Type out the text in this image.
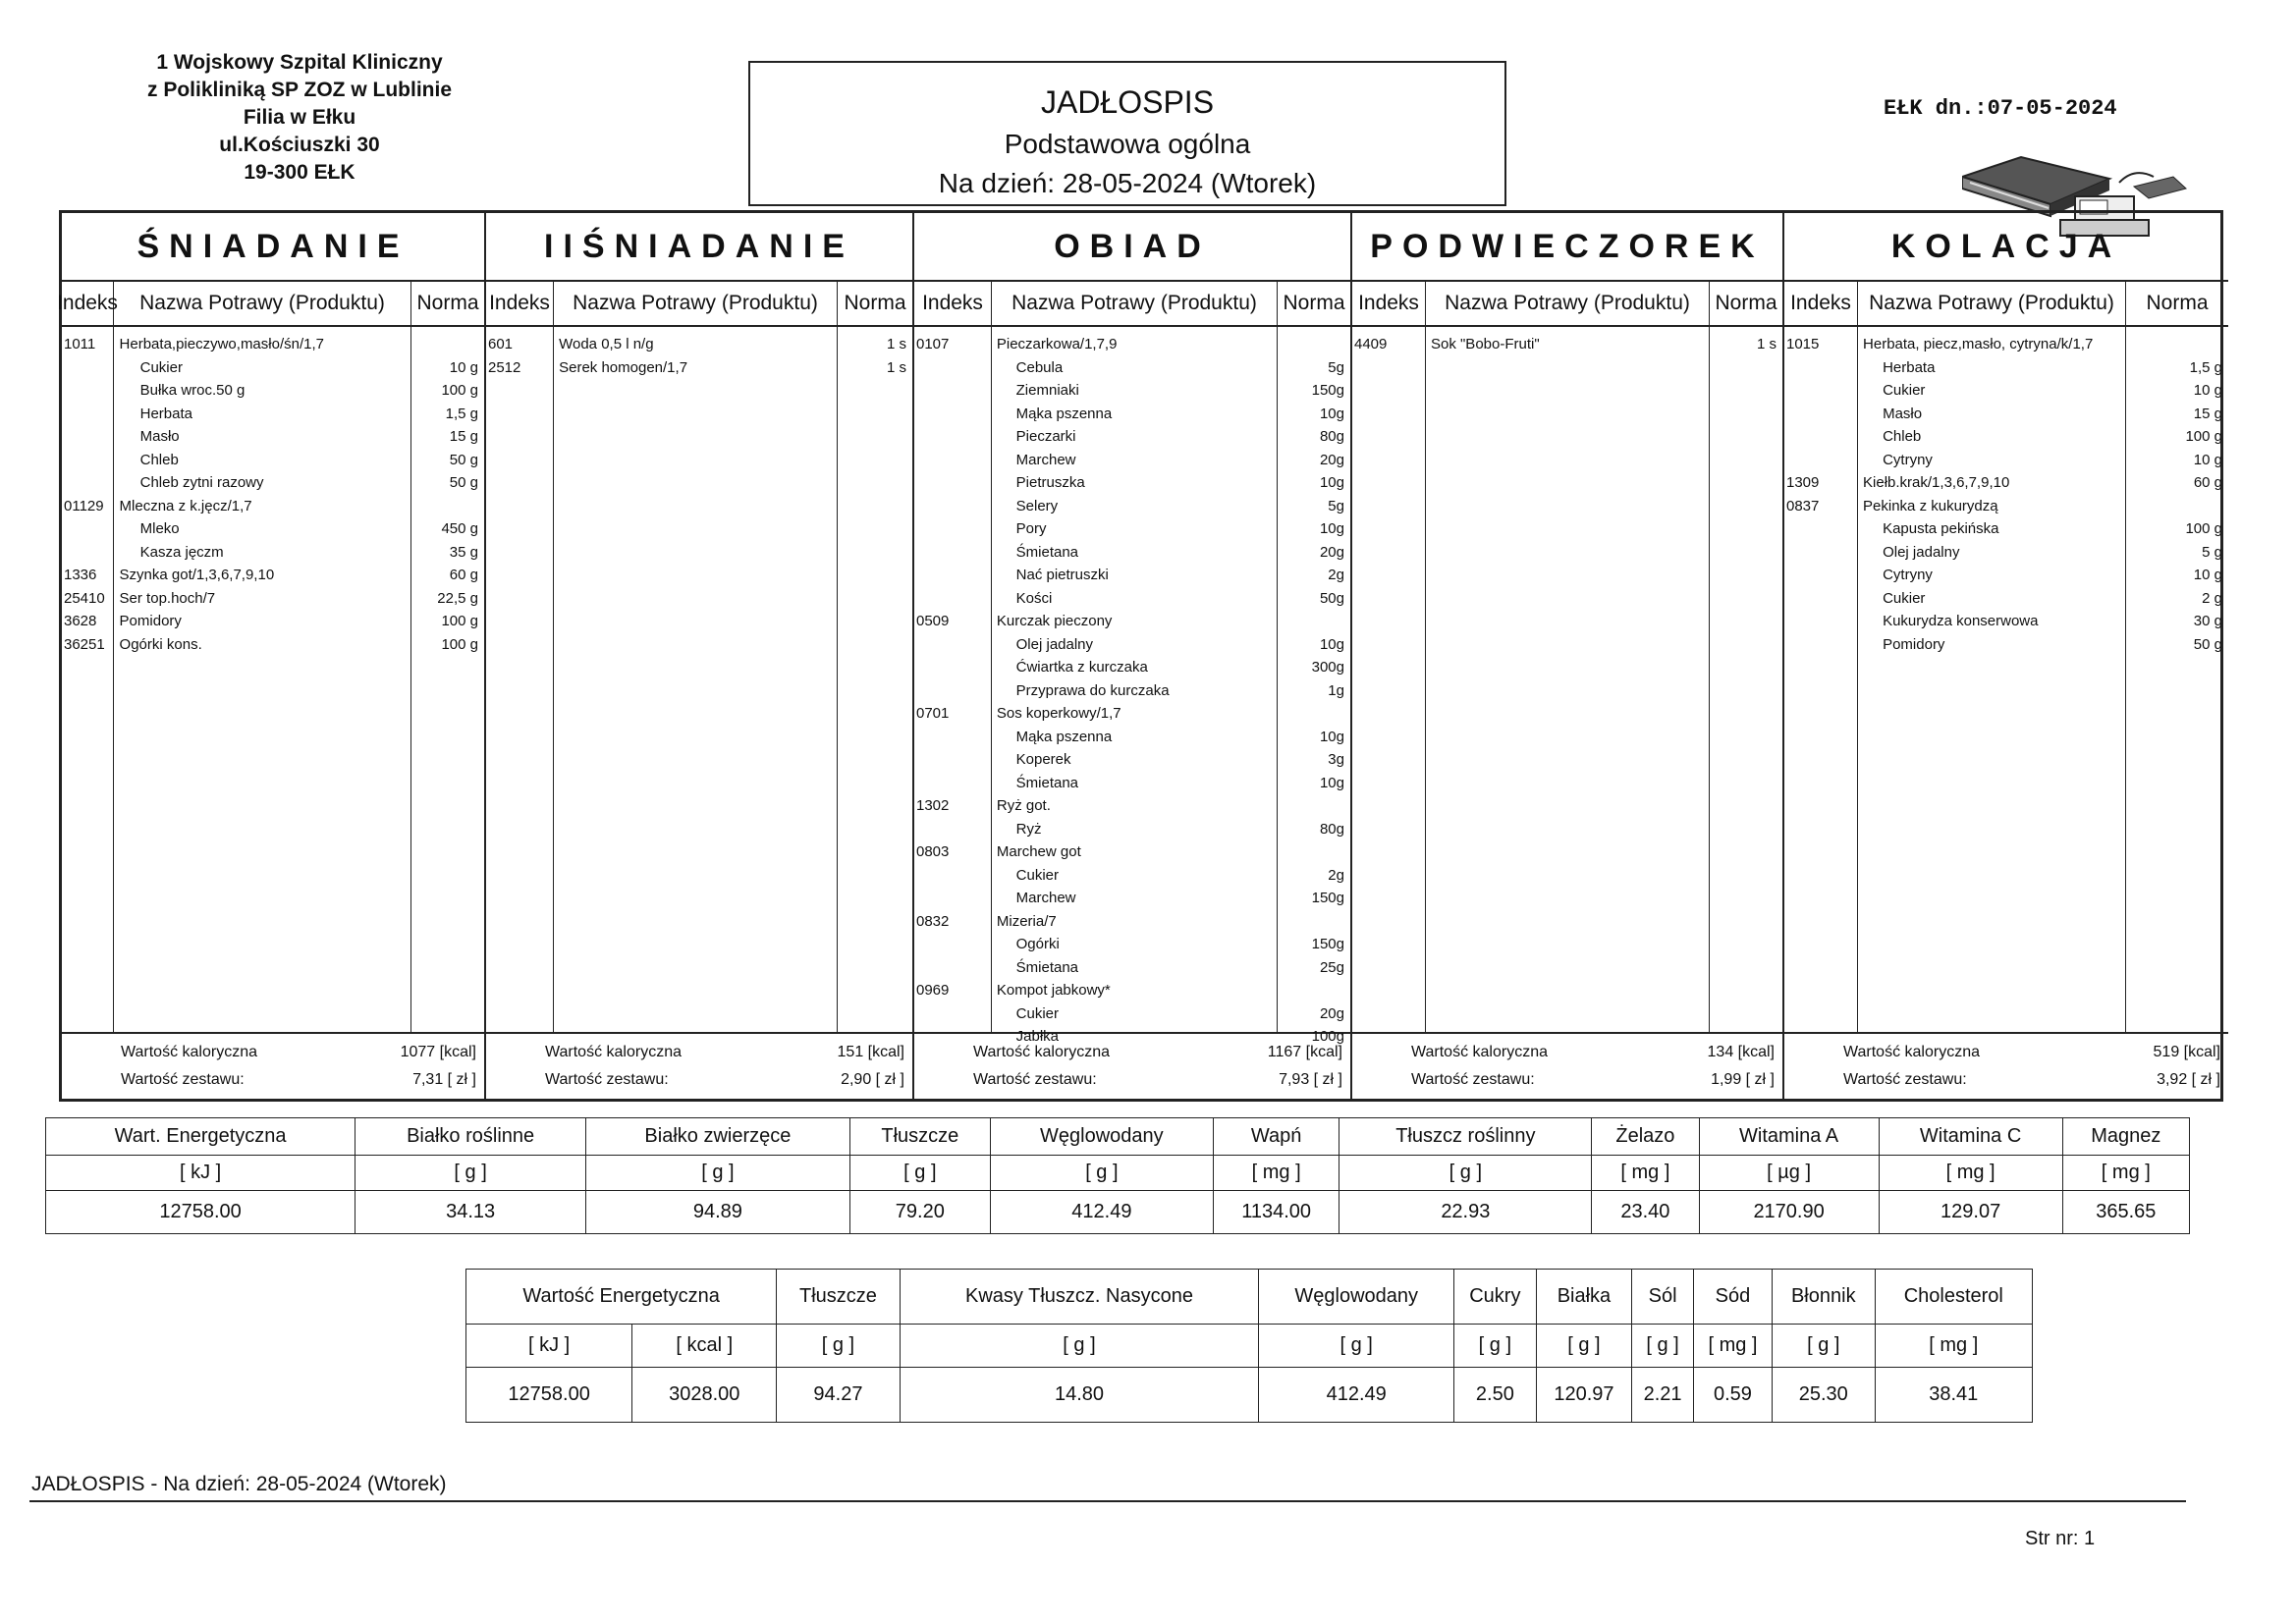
1 Wojskowy Szpital Kliniczny
z Polikliniką SP ZOZ w Lublinie
Filia w Ełku
ul.Kościuszki 30
19-300 EŁK
JADŁOSPIS
Podstawowa ogólna
Na dzień: 28-05-2024 (Wtorek)
EŁK dn.:07-05-2024
ŚNIADANIE
Indeks	Nazwa Potrawy (Produktu)	Norma
1011	Herbata,pieczywo,masło/śn/1,7
Cukier	10 g
Bułka wroc.50 g	100 g
Herbata	1,5 g
Masło	15 g
Chleb	50 g
Chleb zytni razowy	50 g
01129	Mleczna z k.jęcz/1,7
Mleko	450 g
Kasza jęczm	35 g
1336	Szynka got/1,3,6,7,9,10	60 g
25410 Ser top.hoch/7	22,5 g
3628	Pomidory	100 g
36251 Ogórki kons.	100 g
Wartość kaloryczna	1077 [kcal]
Wartość zestawu:	7,31 [ zł ]
IIŚNIADANIE
Indeks	Nazwa Potrawy (Produktu)	Norma
601	Woda 0,5 l n/g	1 s
2512	Serek homogen/1,7	1 s
Wartość kaloryczna	151 [kcal]
Wartość zestawu:	2,90 [ zł ]
OBIAD
Indeks	Nazwa Potrawy (Produktu)	Norma
0107	Pieczarkowa/1,7,9
Cebula	5g
Ziemniaki	150g
Mąka pszenna	10g
Pieczarki	80g
Marchew	20g
Pietruszka	10g
Selery	5g
Pory	10g
Śmietana	20g
Nać pietruszki	2g
Kości	50g
0509	Kurczak pieczony
Olej jadalny	10g
Ćwiartka z kurczaka	300g
Przyprawa do kurczaka	1g
0701	Sos koperkowy/1,7
Mąka pszenna	10g
Koperek	3g
Śmietana	10g
1302	Ryż got.
Ryż	80g
0803	Marchew got
Cukier	2g
Marchew	150g
0832	Mizeria/7
Ogórki	150g
Śmietana	25g
0969	Kompot jabkowy*
Cukier	20g
Jabłka	100g
Wartość kaloryczna	1167 [kcal]
Wartość zestawu:	7,93 [ zł ]
PODWIECZOREK
Indeks	Nazwa Potrawy (Produktu)	Norma
4409	Sok "Bobo-Fruti"	1 s
Wartość kaloryczna	134 [kcal]
Wartość zestawu:	1,99 [ zł ]
KOLACJA
Indeks Nazwa Potrawy (Produktu)	Norma
1015	Herbata, piecz,masło, cytryna/k/1,7
Herbata	1,5 g
Cukier	10 g
Masło	15 g
Chleb	100 g
Cytryny	10 g
1309	Kiełb.krak/1,3,6,7,9,10	60 g
0837	Pekinka z kukurydzą
Kapusta pekińska	100 g
Olej jadalny	5 g
Cytryny	10 g
Cukier	2 g
Kukurydza konserwowa	30 g
Pomidory	50 g
Wartość kaloryczna	519 [kcal]
Wartość zestawu:	3,92 [ zł ]
Wart. Energetyczna	Białko roślinne	Białko zwierzęce	Tłuszcze	Węglowodany	Wapń	Tłuszcz roślinny	Żelazo	Witamina A	Witamina C	Magnez
[ kJ ]	[ g ]	[ g ]	[ g ]	[ g ]	[ mg ]	[ g ]	[ mg ]	[ µg ]	[ mg ]	[ mg ]
12758.00	34.13	94.89	79.20	412.49	1134.00	22.93	23.40	2170.90	129.07	365.65
Wartość Energetyczna		Tłuszcze	Kwasy Tłuszcz. Nasycone	Węglowodany	Cukry	Białka	Sól	Sód	Błonnik	Cholesterol
[ kJ ]	[ kcal ]	[ g ]	[ g ]	[ g ]	[ g ]	[ g ]	[ g ]	[ mg ]	[ g ]	[ mg ]
12758.00	3028.00	94.27	14.80	412.49	2.50	120.97	2.21	0.59	25.30	38.41
JADŁOSPIS - Na dzień: 28-05-2024 (Wtorek)
Str nr: 1
